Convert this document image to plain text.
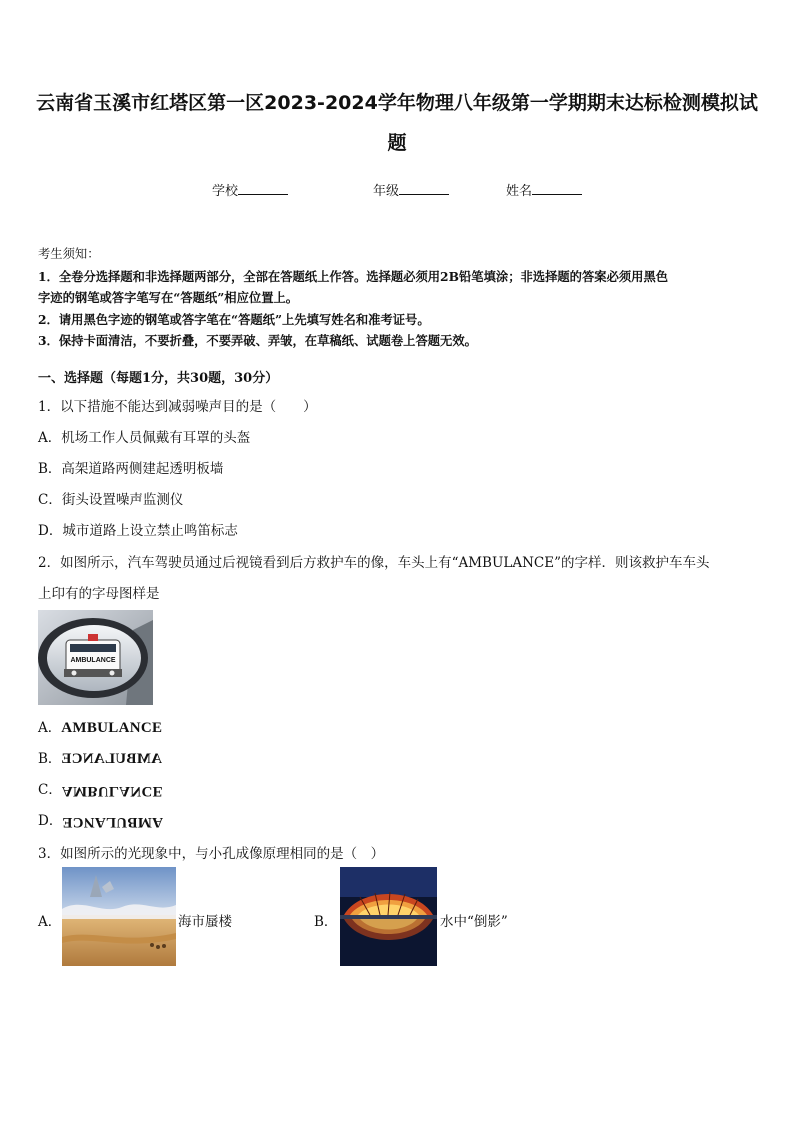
云南省玉溪市红塔区第一区2023-2024学年物理八年级第一学期期末达标检测模拟试
题
学校	年级	姓名
考生须知：
1．全卷分选择题和非选择题两部分，全部在答题纸上作答。选择题必须用2B铅笔填涂；非选择题的答案必须用黑色
字迹的钢笔或答字笔写在“答题纸”相应位置上。
2．请用黑色字迹的钢笔或答字笔在“答题纸”上先填写姓名和准考证号。
3．保持卡面清洁，不要折叠，不要弄破、弄皱，在草稿纸、试题卷上答题无效。
一、选择题（每题1分，共30题，30分）
1．以下措施不能达到减弱噪声目的是（　　）
A．机场工作人员佩戴有耳罩的头盔
B．高架道路两侧建起透明板墙
C．街头设置噪声监测仪
D．城市道路上设立禁止鸣笛标志
2．如图所示，汽车驾驶员通过后视镜看到后方救护车的像，车头上有“AMBULANCE”的字样．则该救护车车头
上印有的字母图样是
AMBULANCE
A．AMBULANCE
B．AMBULANCE
C．AMBULANCE
D．AMBULANCE
3．如图所示的光现象中，与小孔成像原理相同的是（　）
A．	海市蜃楼	B．	水中“倒影”
